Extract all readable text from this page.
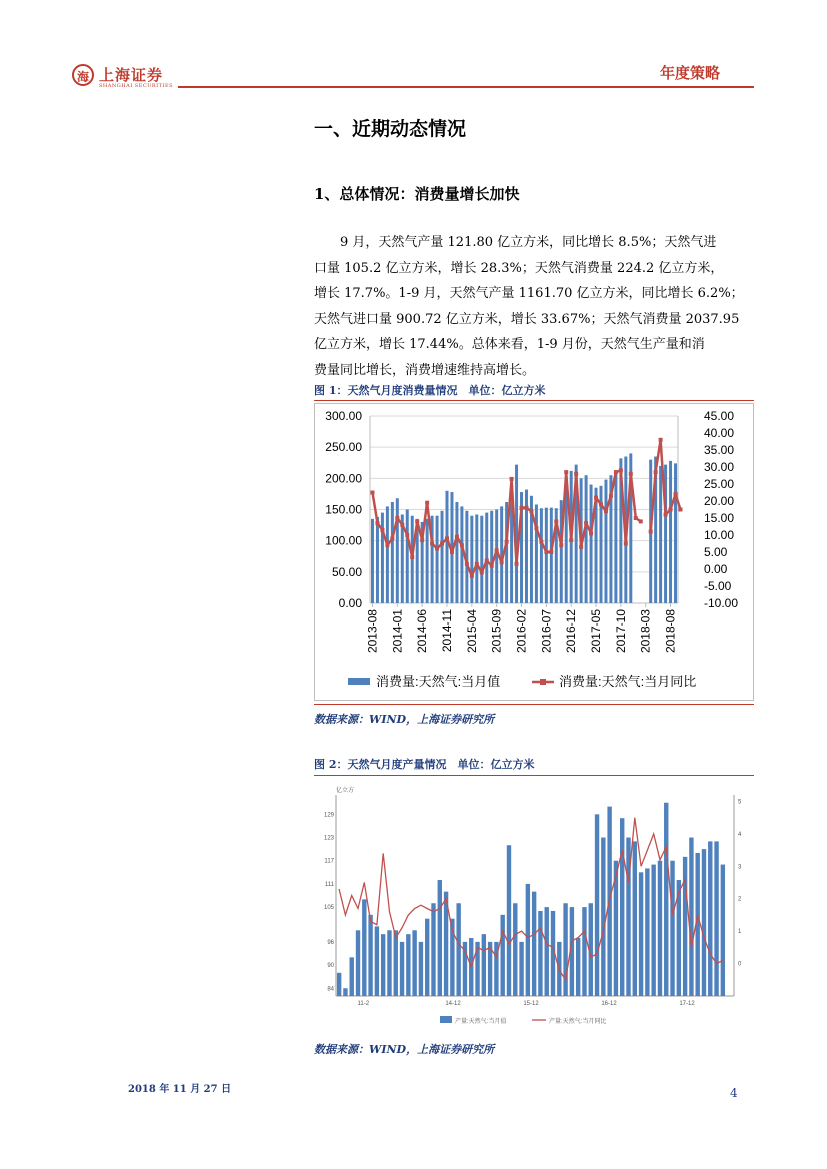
海 上海证券
SHANGHAI SECURITIES
年度策略
一、近期动态情况
1、总体情况：消费量增长加快

　　9 月，天然气产量 121.80 亿立方米，同比增长 8.5%；天然气进

口量 105.2 亿立方米，增长 28.3%；天然气消费量 224.2 亿立方米，

增长 17.7%。1-9 月，天然气产量 1161.70 亿立方米，同比增长 6.2%；

天然气进口量 900.72 亿立方米，增长 33.67%；天然气消费量 2037.95

亿立方米，增长 17.44%。总体来看，1-9 月份，天然气生产量和消

费量同比增长，消费增速维持高增长。

图 1：天然气月度消费量情况　单位：亿立方米
0.00
50.00
100.00
150.00
200.00
250.00
300.00
-10.00
-5.00
0.00
5.00
10.00
15.00
20.00
25.00
30.00
35.00
40.00
45.00
2013-08 2014-01 2014-06 2014-11 2015-04 2015-09 2016-02 2016-07 2016-12 2017-05 2017-10 2018-03 2018-08
消费量:天然气:当月值	消费量:天然气:当月同比
数据来源：WIND，上海证券研究所
图 2：天然气月度产量情况　单位：亿立方米
亿立方
84
90
96
105
111
117
123
129
0
1
2
3
4
5
11-2	14-12	15-12	16-12	17-12
产量:天然气:当月值	产量:天然气:当月同比
数据来源：WIND，上海证券研究所
2018 年 11 月 27 日	4
